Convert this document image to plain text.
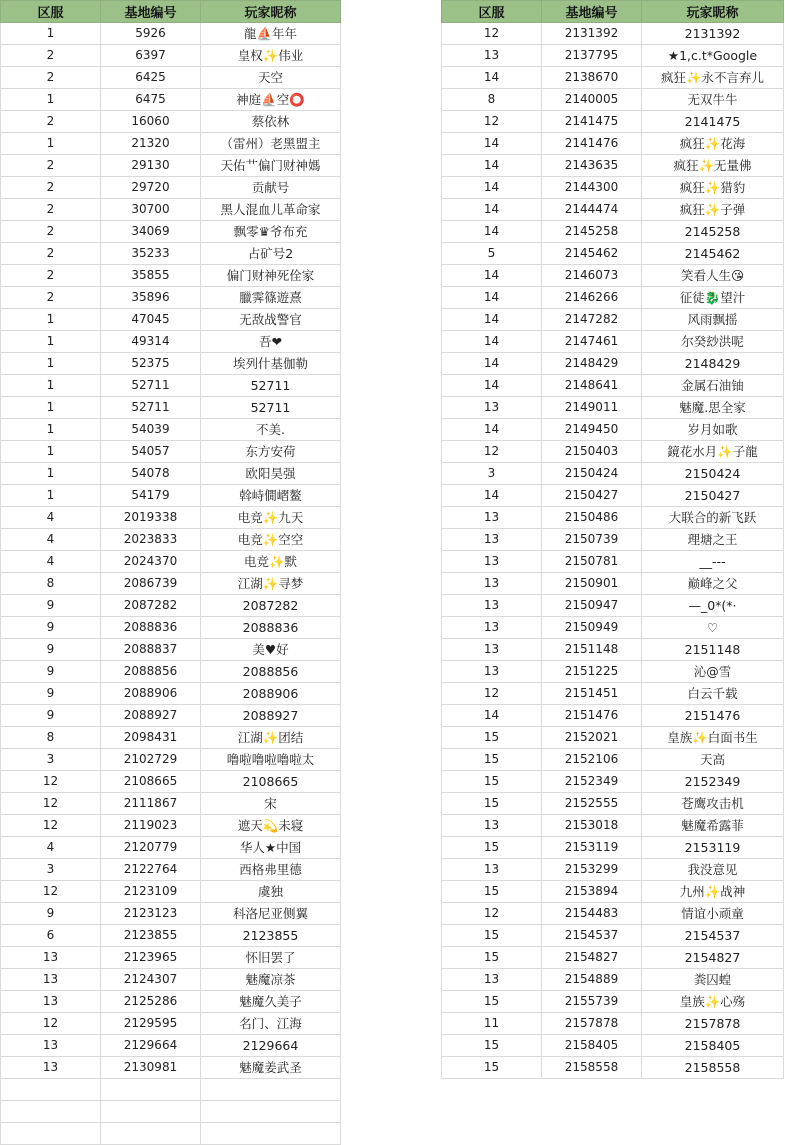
区服	基地编号	玩家昵称
1	5926	龍⛵年年
2	6397	皇权✨伟业
2	6425	天空
1	6475	神庭⛵空⭕
2	16060	蔡依林
1	21320	（雷州）老黑盟主
2	29130	天佑艹偏门财神媽
2	29720	贡献号
2	30700	黑人混血儿革命家
2	34069	飘零♛爷布充
2	35233	占矿号2
2	35855	偏门财神死佺家
2	35896	臘霁篠遊熹
1	47045	无敌战警官
1	49314	吾❤
1	52375	埃列什基伽勒
1	52711	52711
1	52711	52711
1	54039	不美.
1	54057	东方安荷
1	54078	欧阳昊强
1	54179	斡峙僩嶍鳌
4	2019338	电竞✨九天
4	2023833	电竞✨空空
4	2024370	电竞✨默
8	2086739	江湖✨寻梦
9	2087282	2087282
9	2088836	2088836
9	2088837	美♥好
9	2088856	2088856
9	2088906	2088906
9	2088927	2088927
8	2098431	江湖✨团结
3	2102729	噜啦噜啦噜啦太
12	2108665	2108665
12	2111867	宋
12	2119023	遮天💫未寝
4	2120779	华人★中国
3	2122764	西格弗里德
12	2123109	虞独
9	2123123	科洛尼亚侧翼
6	2123855	2123855
13	2123965	怀旧罢了
13	2124307	魅魔凉茶
13	2125286	魅魔久美子
12	2129595	名门、江海
13	2129664	2129664
13	2130981	魅魔姜武圣

区服	基地编号	玩家昵称
12	2131392	2131392
13	2137795	★1,c.t*Google
14	2138670	疯狂✨永不言弃儿
8	2140005	无双牛牛
12	2141475	2141475
14	2141476	疯狂✨花海
14	2143635	疯狂✨无量佛
14	2144300	疯狂✨猎豹
14	2144474	疯狂✨子弹
14	2145258	2145258
5	2145462	2145462
14	2146073	笑看人生😘
14	2146266	征徒🐉望汁
14	2147282	风雨飘摇
14	2147461	尔癸玅洪呢
14	2148429	2148429
14	2148641	金属石油铀
13	2149011	魅魔.思全家
14	2149450	岁月如歌
12	2150403	鏡花水月✨子龍
3	2150424	2150424
14	2150427	2150427
13	2150486	大联合的新飞跃
13	2150739	理塘之王
13	2150781	__---
13	2150901	巅峰之父
13	2150947	—_0*(*·
13	2150949	♡
13	2151148	2151148
13	2151225	沁@雪
12	2151451	白云千载
14	2151476	2151476
15	2152021	皇族✨白面书生
15	2152106	天高
15	2152349	2152349
15	2152555	苍鹰攻击机
13	2153018	魅魔希露菲
15	2153119	2153119
13	2153299	我没意见
15	2153894	九州✨战神
12	2154483	情谊小顽童
15	2154537	2154537
15	2154827	2154827
13	2154889	粪囚蝗
15	2155739	皇族✨心殇
11	2157878	2157878
15	2158405	2158405
15	2158558	2158558
